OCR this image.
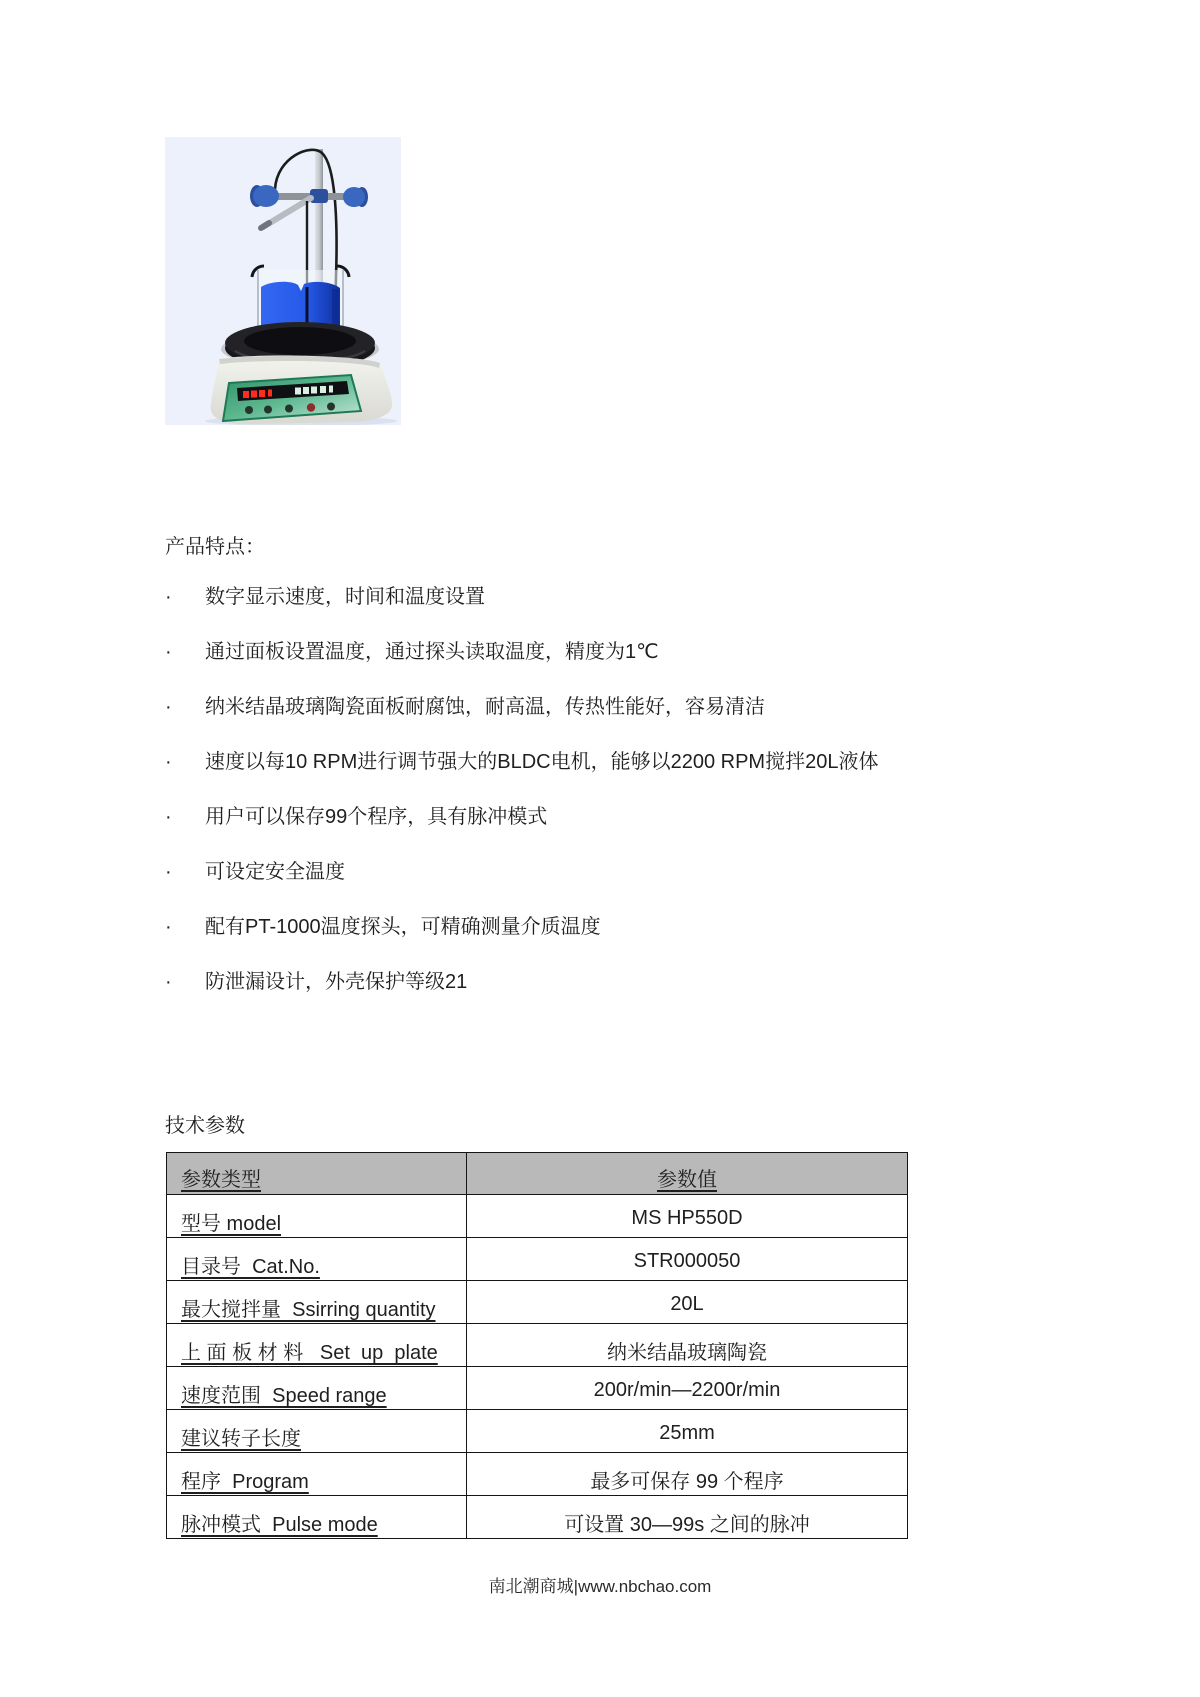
产品特点：
·	数字显示速度，时间和温度设置
·	通过面板设置温度，通过探头读取温度，精度为1℃
·	纳米结晶玻璃陶瓷面板耐腐蚀，耐高温，传热性能好，容易清洁
·	速度以每10 RPM进行调节强大的BLDC电机，能够以2200 RPM搅拌20L液体
·	用户可以保存99个程序，具有脉冲模式
·	可设定安全温度
·	配有PT-1000温度探头，可精确测量介质温度
·	防泄漏设计，外壳保护等级21
技术参数
参数类型	参数值
型号 model	MS HP550D
目录号  Cat.No.	STR000050
最大搅拌量  Ssirring quantity	20L
上 面 板 材 料   Set  up  plate	纳米结晶玻璃陶瓷
速度范围  Speed range	200r/min—2200r/min
建议转子长度	25mm
程序  Program	最多可保存 99 个程序
脉冲模式  Pulse mode	可设置 30—99s 之间的脉冲
南北潮商城|www.nbchao.com
